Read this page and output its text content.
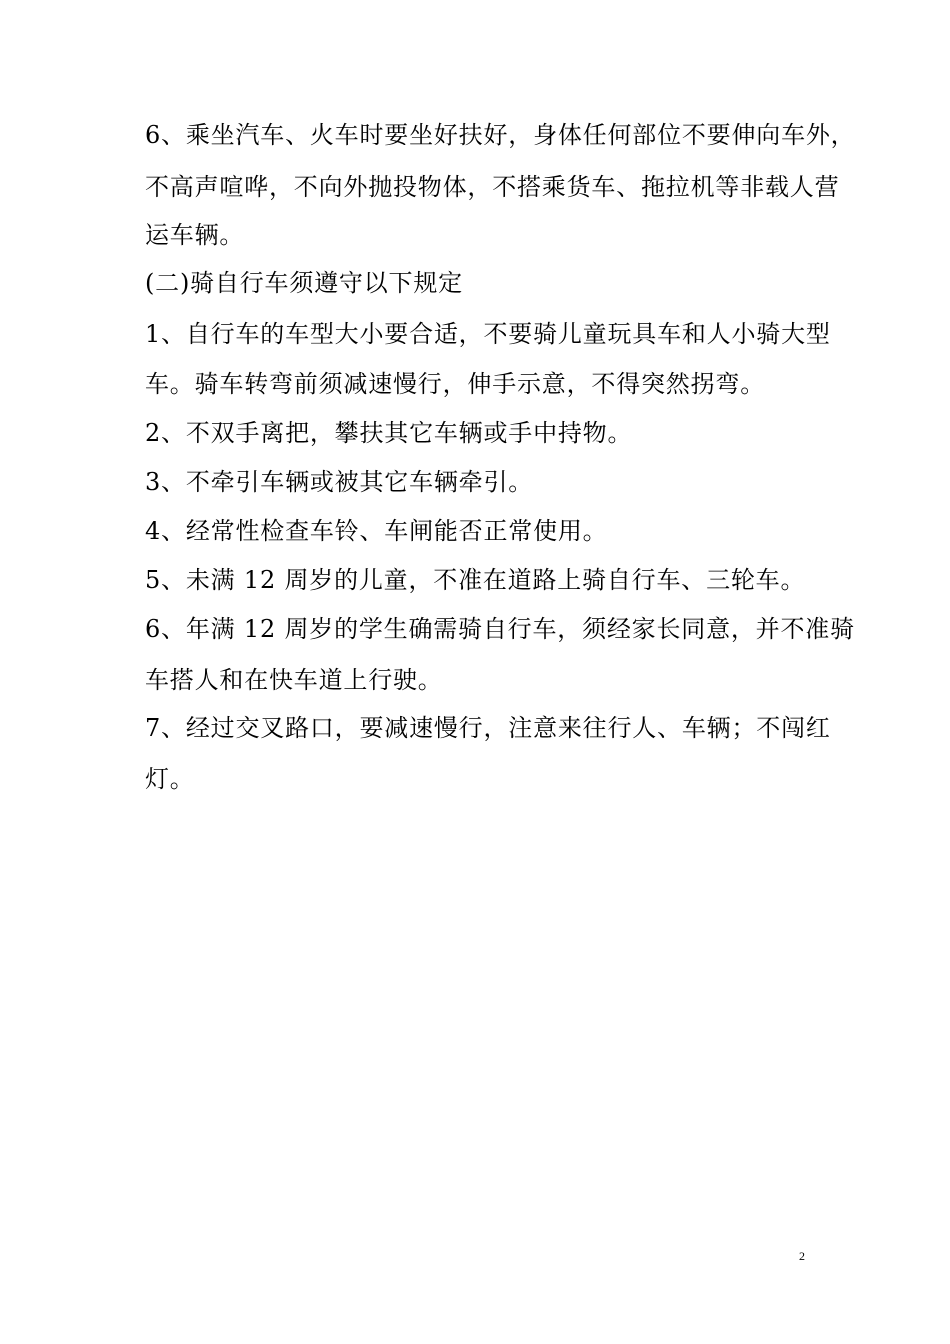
6、乘坐汽车、火车时要坐好扶好，身体任何部位不要伸向车外，
不高声喧哗，不向外抛投物体，不搭乘货车、拖拉机等非载人营
运车辆。
(二)骑自行车须遵守以下规定
1、自行车的车型大小要合适，不要骑儿童玩具车和人小骑大型
车。骑车转弯前须减速慢行，伸手示意，不得突然拐弯。
2、不双手离把，攀扶其它车辆或手中持物。
3、不牵引车辆或被其它车辆牵引。
4、经常性检查车铃、车闸能否正常使用。
5、未满 12 周岁的儿童，不准在道路上骑自行车、三轮车。
6、年满 12 周岁的学生确需骑自行车，须经家长同意，并不准骑
车搭人和在快车道上行驶。
7、经过交叉路口，要减速慢行，注意来往行人、车辆；不闯红
灯。
2
